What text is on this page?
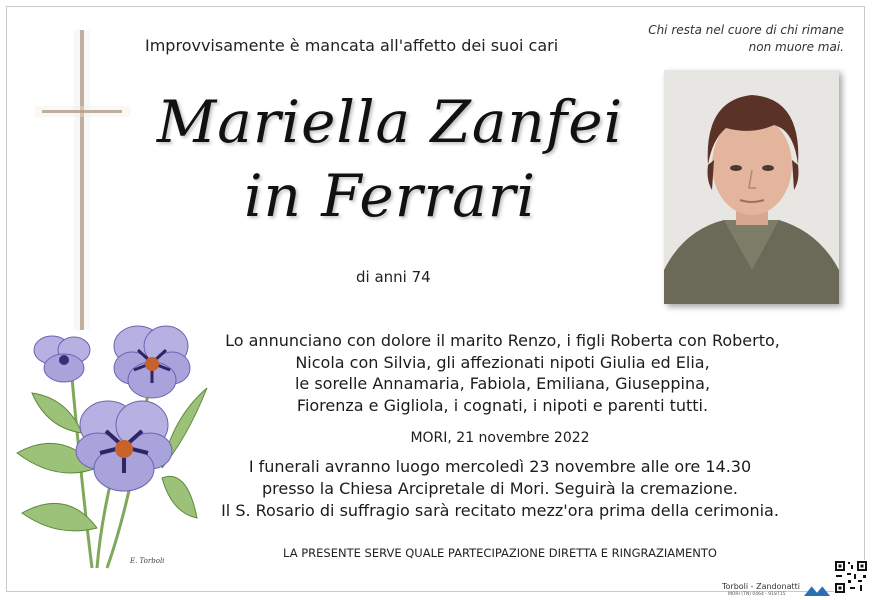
Improvvisamente è mancata all'affetto dei suoi cari
Chi resta nel cuore di chi rimane
non muore mai.
Mariella Zanfei
in Ferrari
di anni 74
Lo annunciano con dolore il marito Renzo, i figli Roberta con Roberto,
Nicola con Silvia, gli affezionati nipoti Giulia ed Elia,
le sorelle Annamaria, Fabiola, Emiliana, Giuseppina,
Fiorenza e Gigliola, i cognati, i nipoti e parenti tutti.
MORI, 21 novembre 2022
I funerali avranno luogo mercoledì 23 novembre alle ore 14.30
presso la Chiesa Arcipretale di Mori. Seguirà la cremazione.
Il S. Rosario di suffragio sarà recitato mezz'ora prima della cerimonia.
LA PRESENTE SERVE QUALE PARTECIPAZIONE DIRETTA E RINGRAZIAMENTO
E. Torboli
Torboli - Zandonatti
MORI (TN) 0464 - 918715
